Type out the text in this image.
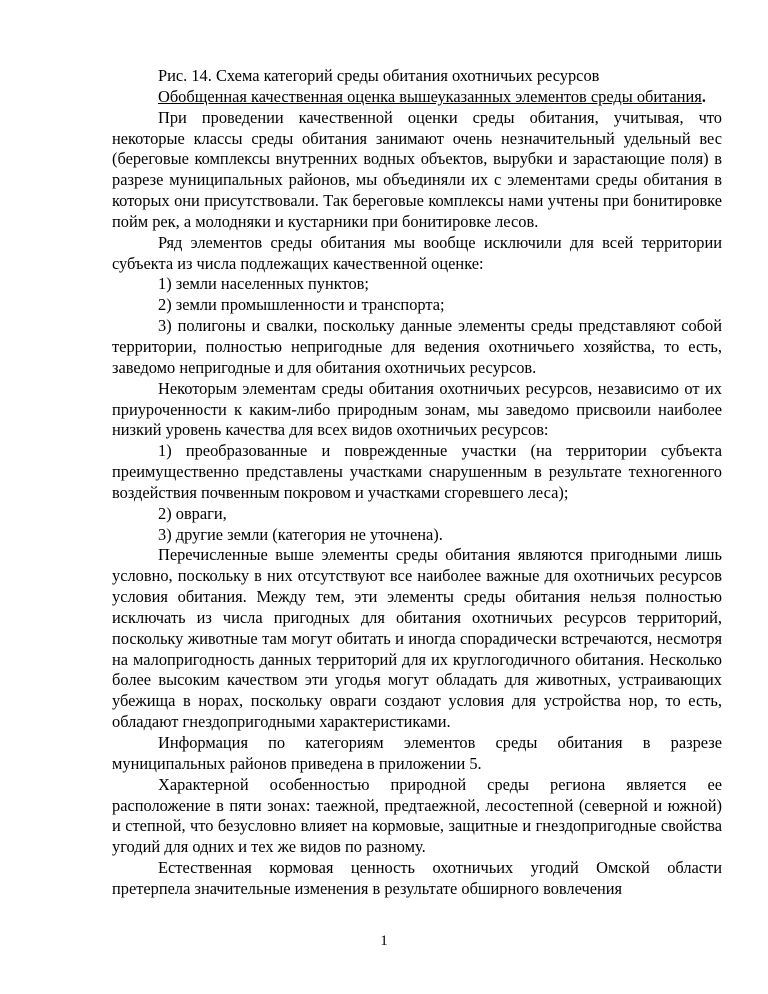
Рис. 14. Схема категорий среды обитания охотничьих ресурсов

Обобщенная качественная оценка вышеуказанных элементов среды обитания.

При проведении качественной оценки среды обитания, учитывая, что некоторые классы среды обитания занимают очень незначительный удельный вес (береговые комплексы внутренних водных объектов, вырубки и зарастающие поля) в разрезе муниципальных районов, мы объединяли их с элементами среды обитания в которых они присутствовали. Так береговые комплексы нами учтены при бонитировке пойм рек, а молодняки и кустарники при бонитировке лесов.

Ряд элементов среды обитания мы вообще исключили для всей территории субъекта из числа подлежащих качественной оценке:

1) земли населенных пунктов;

2) земли промышленности и транспорта;

3) полигоны и свалки, поскольку данные элементы среды представляют собой территории, полностью непригодные для ведения охотничьего хозяйства, то есть, заведомо непригодные и для обитания охотничьих ресурсов.

Некоторым элементам среды обитания охотничьих ресурсов, независимо от их приуроченности к каким-либо природным зонам, мы заведомо присвоили наиболее низкий уровень качества для всех видов охотничьих ресурсов:

1) преобразованные и поврежденные участки (на территории субъекта преимущественно представлены участками снарушенным в результате техногенного воздействия почвенным покровом и участками сгоревшего леса);

2) овраги,

3) другие земли (категория не уточнена).

Перечисленные выше элементы среды обитания являются пригодными лишь условно, поскольку в них отсутствуют все наиболее важные для охотничьих ресурсов условия обитания. Между тем, эти элементы среды обитания нельзя полностью исключать из числа пригодных для обитания охотничьих ресурсов территорий, поскольку животные там могут обитать и иногда спорадически встречаются, несмотря на малопригодность данных территорий для их круглогодичного обитания. Несколько более высоким качеством эти угодья могут обладать для животных, устраивающих убежища в норах, поскольку овраги создают условия для устройства нор, то есть, обладают гнездопригодными характеристиками.

Информация по категориям элементов среды обитания в разрезе муниципальных районов приведена в приложении 5.

Характерной особенностью природной среды региона является ее расположение в пяти зонах: таежной, предтаежной, лесостепной (северной и южной) и степной, что безусловно влияет на кормовые, защитные и гнездопригодные свойства угодий для одних и тех же видов по разному.

Естественная кормовая ценность охотничьих угодий Омской области претерпела значительные изменения в результате обширного вовлечения

1
